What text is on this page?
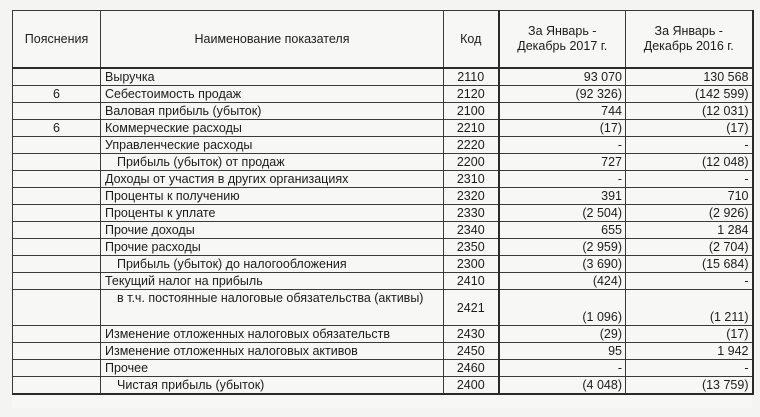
Пояснения	Наименование показателя	Код	За Январь - Декабрь 2017 г.	За Январь - Декабрь 2016 г.
	Выручка	2110	93 070	130 568
6	Себестоимость продаж	2120	(92 326)	(142 599)
	Валовая прибыль (убыток)	2100	744	(12 031)
6	Коммерческие расходы	2210	(17)	(17)
	Управленческие расходы	2220	-	-
	Прибыль (убыток) от продаж	2200	727	(12 048)
	Доходы от участия в других организациях	2310	-	-
	Проценты к получению	2320	391	710
	Проценты к уплате	2330	(2 504)	(2 926)
	Прочие доходы	2340	655	1 284
	Прочие расходы	2350	(2 959)	(2 704)
	Прибыль (убыток) до налогообложения	2300	(3 690)	(15 684)
	Текущий налог на прибыль	2410	(424)	-
	в т.ч. постоянные налоговые обязательства (активы)	2421	(1 096)	(1 211)
	Изменение отложенных налоговых обязательств	2430	(29)	(17)
	Изменение отложенных налоговых активов	2450	95	1 942
	Прочее	2460	-	-
	Чистая прибыль (убыток)	2400	(4 048)	(13 759)
